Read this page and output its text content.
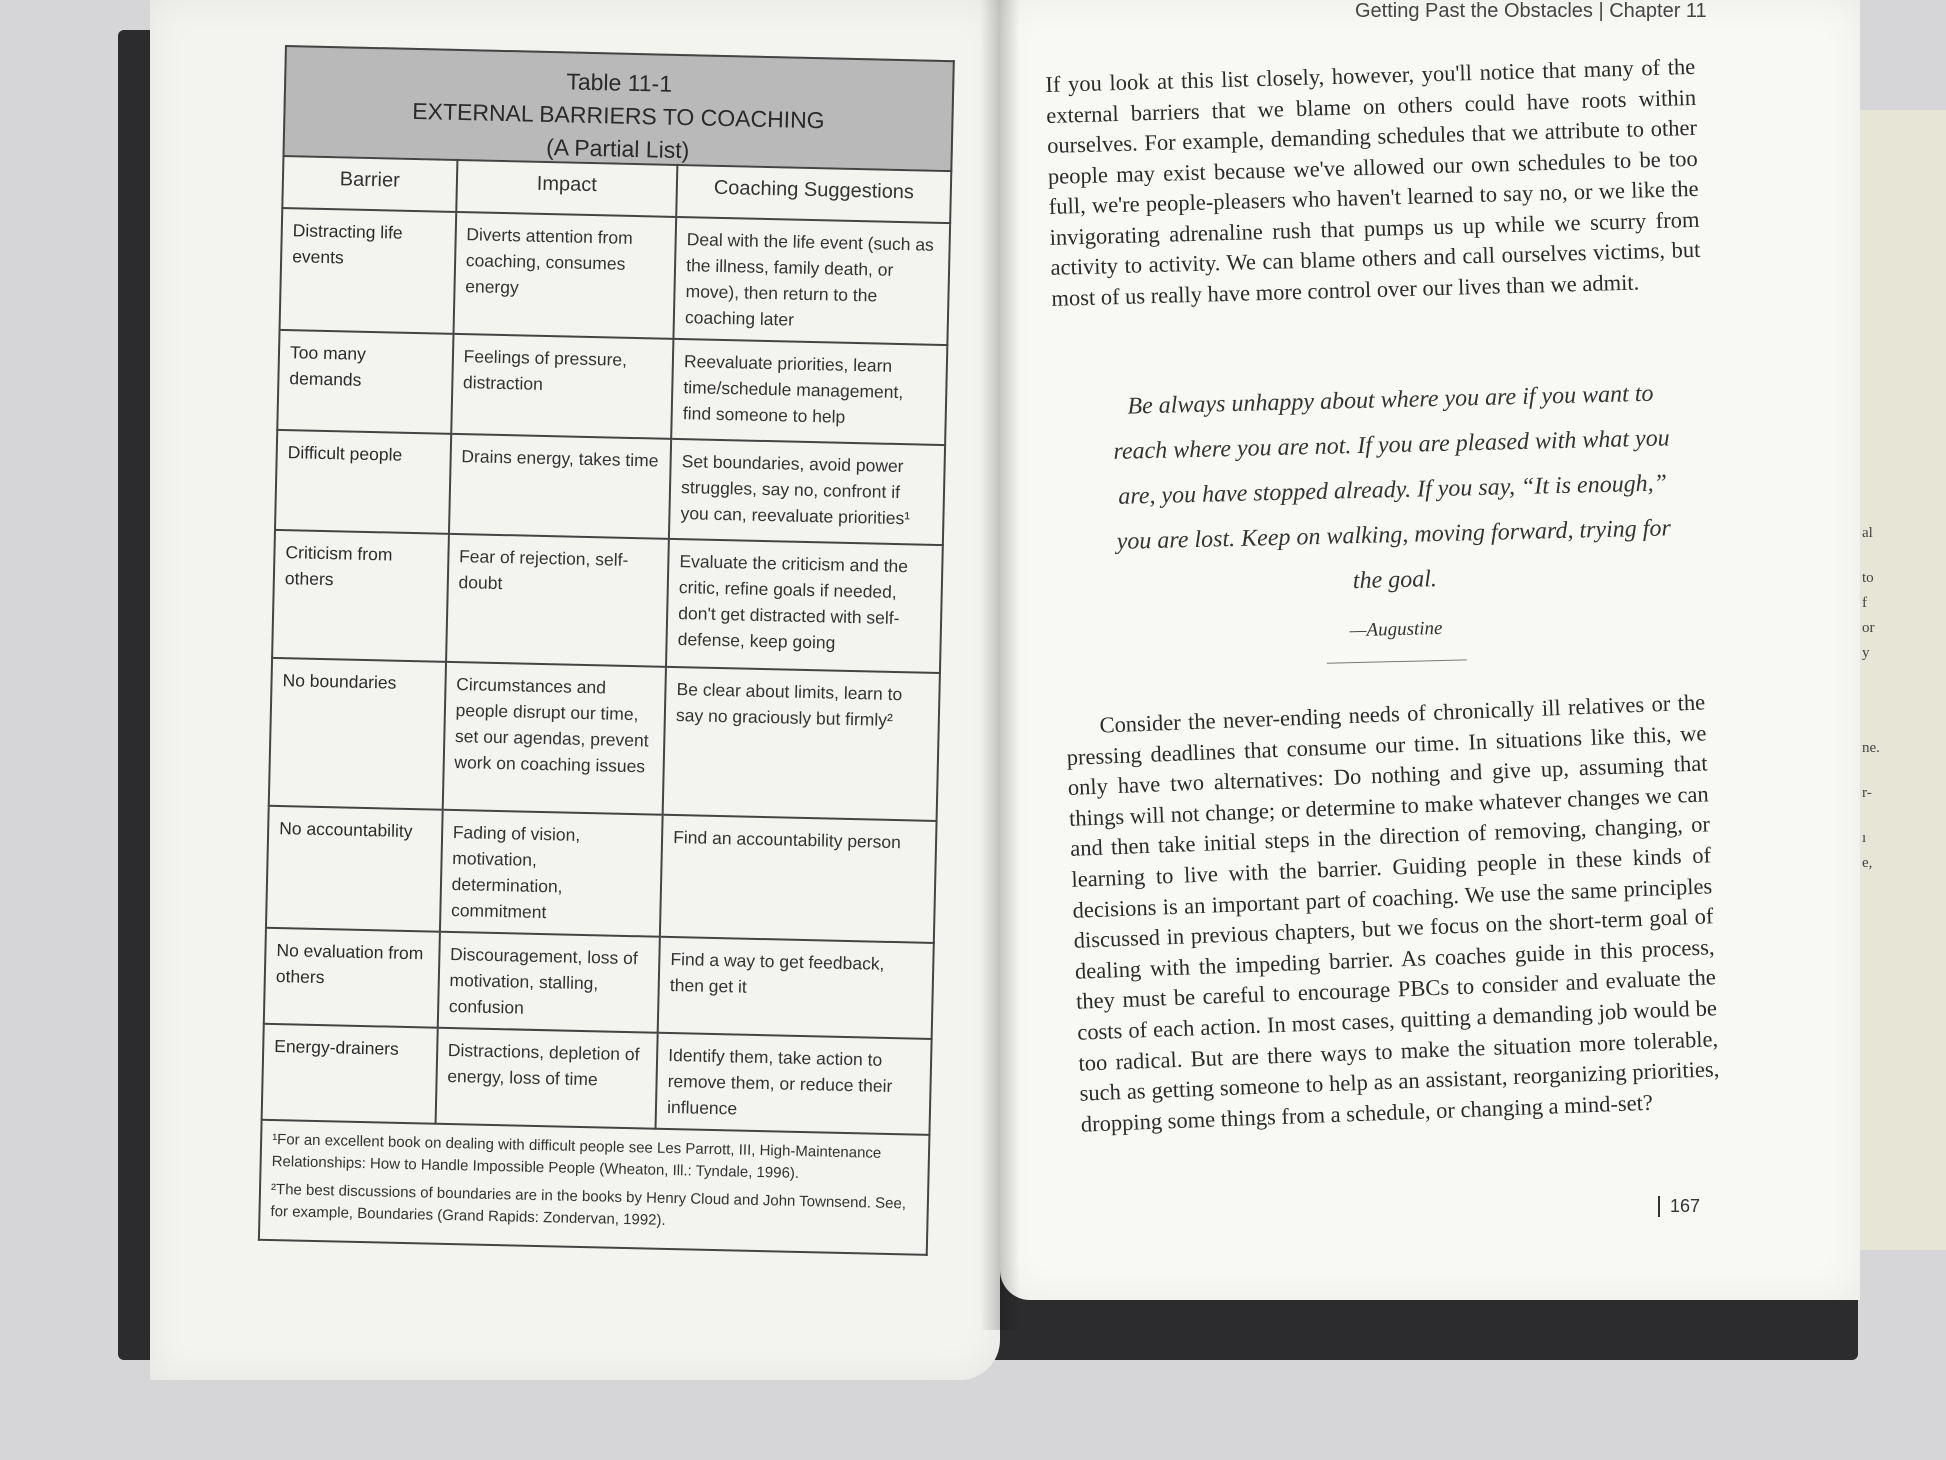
Table 11-1
EXTERNAL BARRIERS TO COACHING
(A Partial List)
Barrier	Impact	Coaching Suggestions
Distracting life events	Diverts attention from coaching, consumes energy	Deal with the life event (such as the illness, family death, or move), then return to the coaching later
Too many demands	Feelings of pressure, distraction	Reevaluate priorities, learn time/schedule management, find someone to help
Difficult people	Drains energy, takes time	Set boundaries, avoid power struggles, say no, confront if you can, reevaluate priorities¹
Criticism from others	Fear of rejection, self-doubt	Evaluate the criticism and the critic, refine goals if needed, don't get distracted with self-defense, keep going
No boundaries	Circumstances and people disrupt our time, set our agendas, prevent work on coaching issues	Be clear about limits, learn to say no graciously but firmly²
No accountability	Fading of vision, motivation, determination, commitment	Find an accountability person
No evaluation from others	Discouragement, loss of motivation, stalling, confusion	Find a way to get feedback, then get it
Energy-drainers	Distractions, depletion of energy, loss of time	Identify them, take action to remove them, or reduce their influence

¹For an excellent book on dealing with difficult people see Les Parrott, III, High-Maintenance Relationships: How to Handle Impossible People (Wheaton, Ill.: Tyndale, 1996).

²The best discussions of boundaries are in the books by Henry Cloud and John Townsend. See, for example, Boundaries (Grand Rapids: Zondervan, 1992).

Getting Past the Obstacles | Chapter 11

If you look at this list closely, however, you'll notice that many of the external barriers that we blame on others could have roots within ourselves. For example, demanding schedules that we attribute to other people may exist because we've allowed our own schedules to be too full, we're people-pleasers who haven't learned to say no, or we like the invigorating adrenaline rush that pumps us up while we scurry from activity to activity. We can blame others and call ourselves victims, but most of us really have more control over our lives than we admit.

Be always unhappy about where you are if you want to reach where you are not. If you are pleased with what you are, you have stopped already. If you say, “It is enough,” you are lost. Keep on walking, moving forward, trying for the goal.
—Augustine

Consider the never-ending needs of chronically ill relatives or the pressing deadlines that consume our time. In situations like this, we only have two alternatives: Do nothing and give up, assuming that things will not change; or determine to make whatever changes we can and then take initial steps in the direction of removing, changing, or learning to live with the barrier. Guiding people in these kinds of decisions is an important part of coaching. We use the same principles discussed in previous chapters, but we focus on the short-term goal of dealing with the impeding barrier. As coaches guide in this process, they must be careful to encourage PBCs to consider and evaluate the costs of each action. In most cases, quitting a demanding job would be too radical. But are there ways to make the situation more tolerable, such as getting someone to help as an assistant, reorganizing priorities, dropping some things from a schedule, or changing a mind-set?

167
al
to
f
or
y
ne.
r-
ı
e,
